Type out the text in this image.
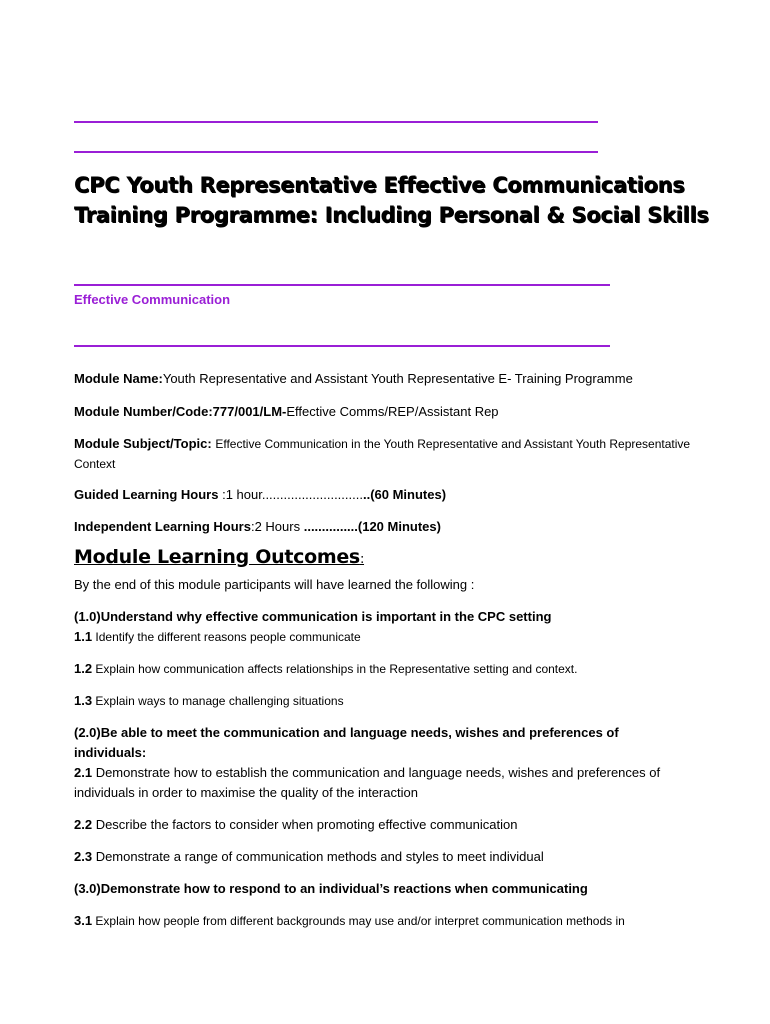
CPC Youth Representative Effective Communications Training Programme: Including Personal & Social Skills
Effective Communication
Module Name:Youth Representative and Assistant Youth Representative E- Training Programme
Module Number/Code:777/001/LM-Effective Comms/REP/Assistant Rep
Module Subject/Topic: Effective Communication in the Youth Representative and Assistant Youth Representative Context
Guided Learning Hours :1 hour..............................(60 Minutes)
Independent Learning Hours:2 Hours ...............(120 Minutes)
Module Learning Outcomes:
By the end of this module participants will have learned the following :
(1.0)Understand why effective communication is important in the CPC setting
1.1 Identify the different reasons people communicate
1.2 Explain how communication affects relationships in the Representative setting and context.
1.3 Explain ways to manage challenging situations
(2.0)Be able to meet the communication and language needs, wishes and preferences of individuals:
2.1 Demonstrate how to establish the communication and language needs, wishes and preferences of individuals in order to maximise the quality of the interaction
2.2 Describe the factors to consider when promoting effective communication
2.3 Demonstrate a range of communication methods and styles to meet individual
(3.0)Demonstrate how to respond to an individual’s reactions when communicating
3.1 Explain how people from different backgrounds may use and/or interpret communication methods in
